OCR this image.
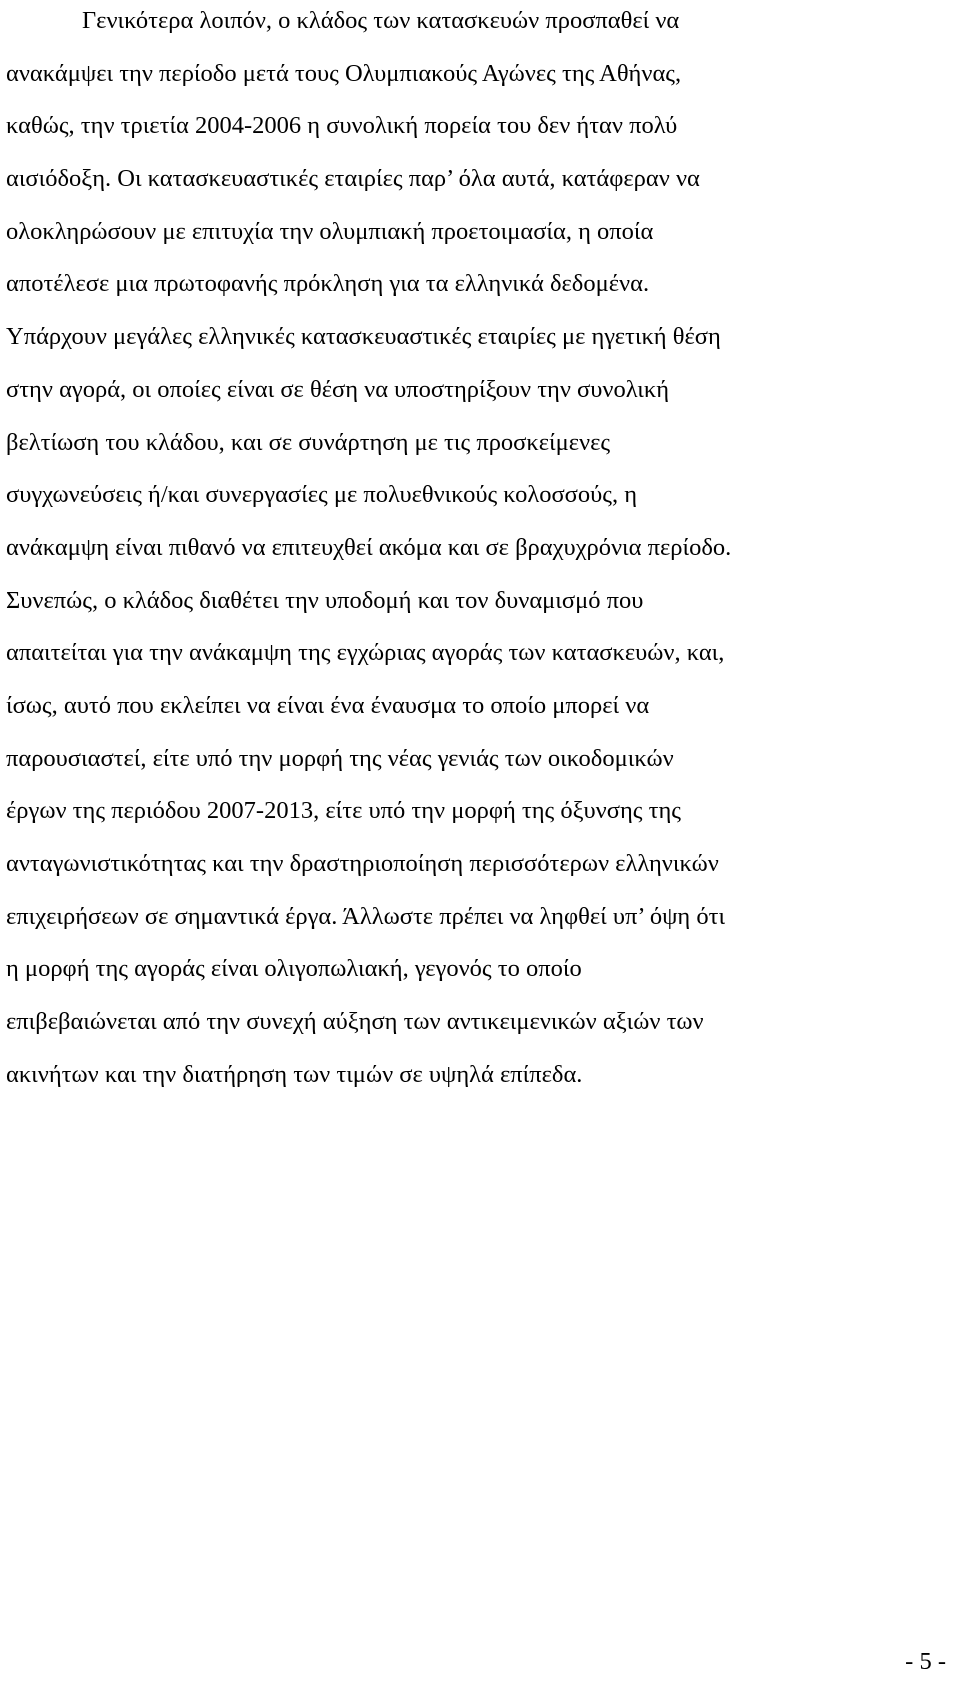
Γενικότερα λοιπόν, ο κλάδος των κατασκευών προσπαθεί να
ανακάμψει την περίοδο μετά τους Ολυμπιακούς Αγώνες της Αθήνας,
καθώς, την τριετία 2004-2006 η συνολική πορεία του δεν ήταν πολύ
αισιόδοξη. Οι κατασκευαστικές εταιρίες παρ’ όλα αυτά, κατάφεραν να
ολοκληρώσουν με επιτυχία την ολυμπιακή προετοιμασία, η οποία
αποτέλεσε μια πρωτοφανής πρόκληση για τα ελληνικά δεδομένα.
Υπάρχουν μεγάλες ελληνικές κατασκευαστικές εταιρίες με ηγετική θέση
στην αγορά, οι οποίες είναι σε θέση να υποστηρίξουν την συνολική
βελτίωση του κλάδου, και σε συνάρτηση με τις προσκείμενες
συγχωνεύσεις ή/και συνεργασίες με πολυεθνικούς κολοσσούς, η
ανάκαμψη είναι πιθανό να επιτευχθεί ακόμα και σε βραχυχρόνια περίοδο.
Συνεπώς, ο κλάδος διαθέτει την υποδομή και τον δυναμισμό που
απαιτείται για την ανάκαμψη της εγχώριας αγοράς των κατασκευών, και,
ίσως, αυτό που εκλείπει να είναι ένα έναυσμα το οποίο μπορεί να
παρουσιαστεί, είτε υπό την μορφή της νέας γενιάς των οικοδομικών
έργων της περιόδου 2007-2013, είτε υπό την μορφή της όξυνσης της
ανταγωνιστικότητας και την δραστηριοποίηση περισσότερων ελληνικών
επιχειρήσεων σε σημαντικά έργα. Άλλωστε πρέπει να ληφθεί υπ’ όψη ότι
η μορφή της αγοράς είναι ολιγοπωλιακή, γεγονός το οποίο
επιβεβαιώνεται από την συνεχή αύξηση των αντικειμενικών αξιών των
ακινήτων και την διατήρηση των τιμών σε υψηλά επίπεδα.

- 5 -
